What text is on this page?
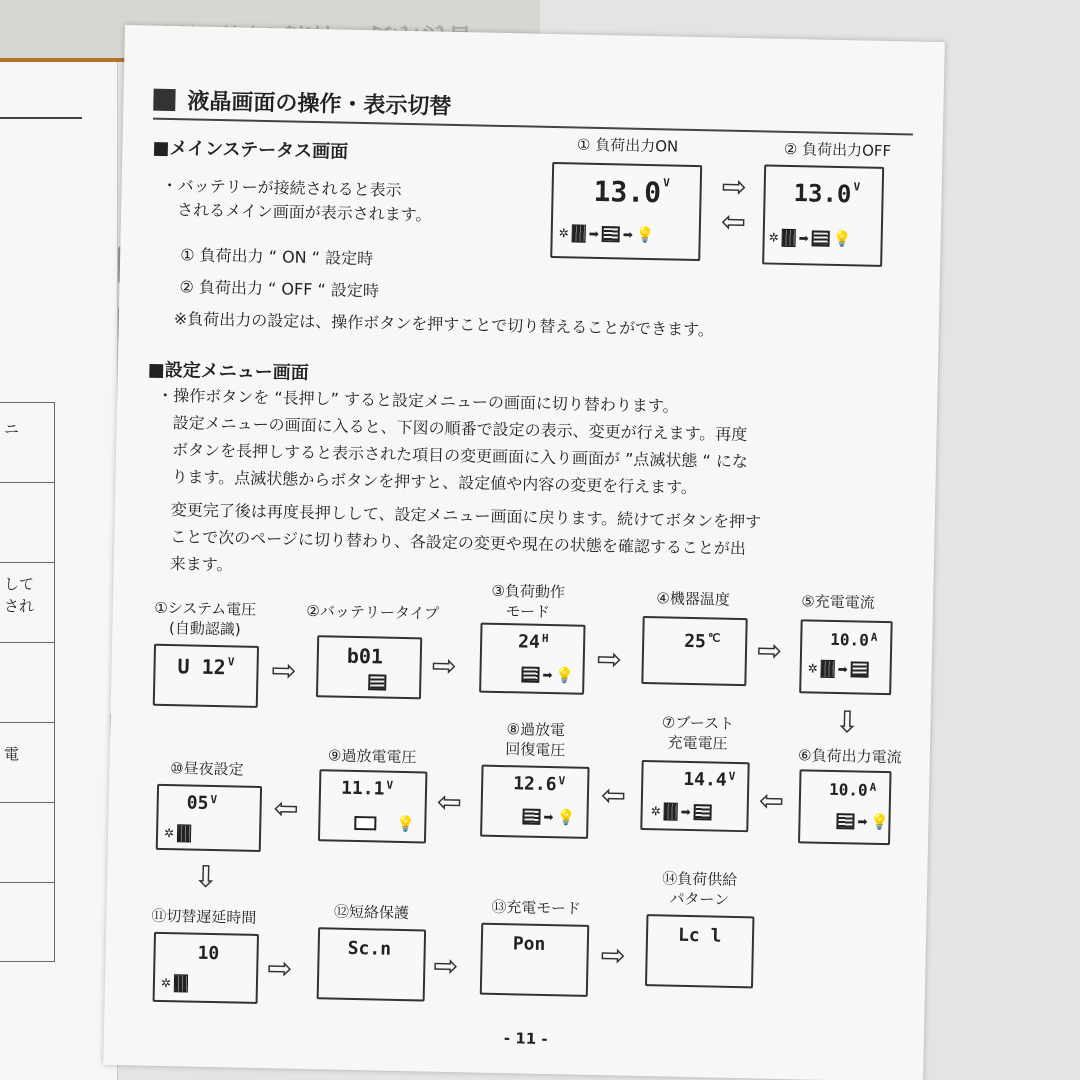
ニ
して
され
電
液晶画面の操作・表示切替
■メインステータス画面
・バッテリーが接続されると表示
されるメイン画面が表示されます。
① 負荷出力 “ ON “ 設定時
② 負荷出力 “ OFF “ 設定時
※負荷出力の設定は、操作ボタンを押すことで切り替えることができます。
① 負荷出力ON
13.0 $^V$
✲ ➡ ➡ 💡
⇨
⇦
② 負荷出力OFF
13.0 $^V$
✲ ➡ 💡
■設定メニュー画面
・操作ボタンを “長押し” すると設定メニューの画面に切り替わります。
設定メニューの画面に入ると、下図の順番で設定の表示、変更が行えます。再度
ボタンを長押しすると表示された項目の変更画面に入り画面が ”点滅状態 “ にな
ります。点滅状態からボタンを押すと、設定値や内容の変更を行えます。
変更完了後は再度長押しして、設定メニュー画面に戻ります。続けてボタンを押す
ことで次のページに切り替わり、各設定の変更や現在の状態を確認することが出
来ます。
①システム電圧
(自動認識)
U 12 $^V$ ⇨
②バッテリータイプ
b01 ⇨
③負荷動作
モード
24 $^H$
➡ 💡 ⇨
④機器温度
25 ℃ ⇨
⑤充電電流
10.0 $^A$
✲ ➡
⇩
⑥負荷出力電流
10.0 $^A$
➡ 💡
⇦
⑦ブースト
充電電圧
14.4 $^V$
✲ ➡
⇦
⑧過放電
回復電圧
12.6 $^V$
➡ 💡
⇦
⑨過放電電圧
11.1 $^V$
💡
⇦
⑩昼夜設定
05 $^V$
✲
⇩
⑪切替遅延時間
10
✲	⇨
⑫短絡保護
Sc.n ⇨
⑬充電モード
Pon ⇨
⑭負荷供給
パターン
Lc l
- 11 -
